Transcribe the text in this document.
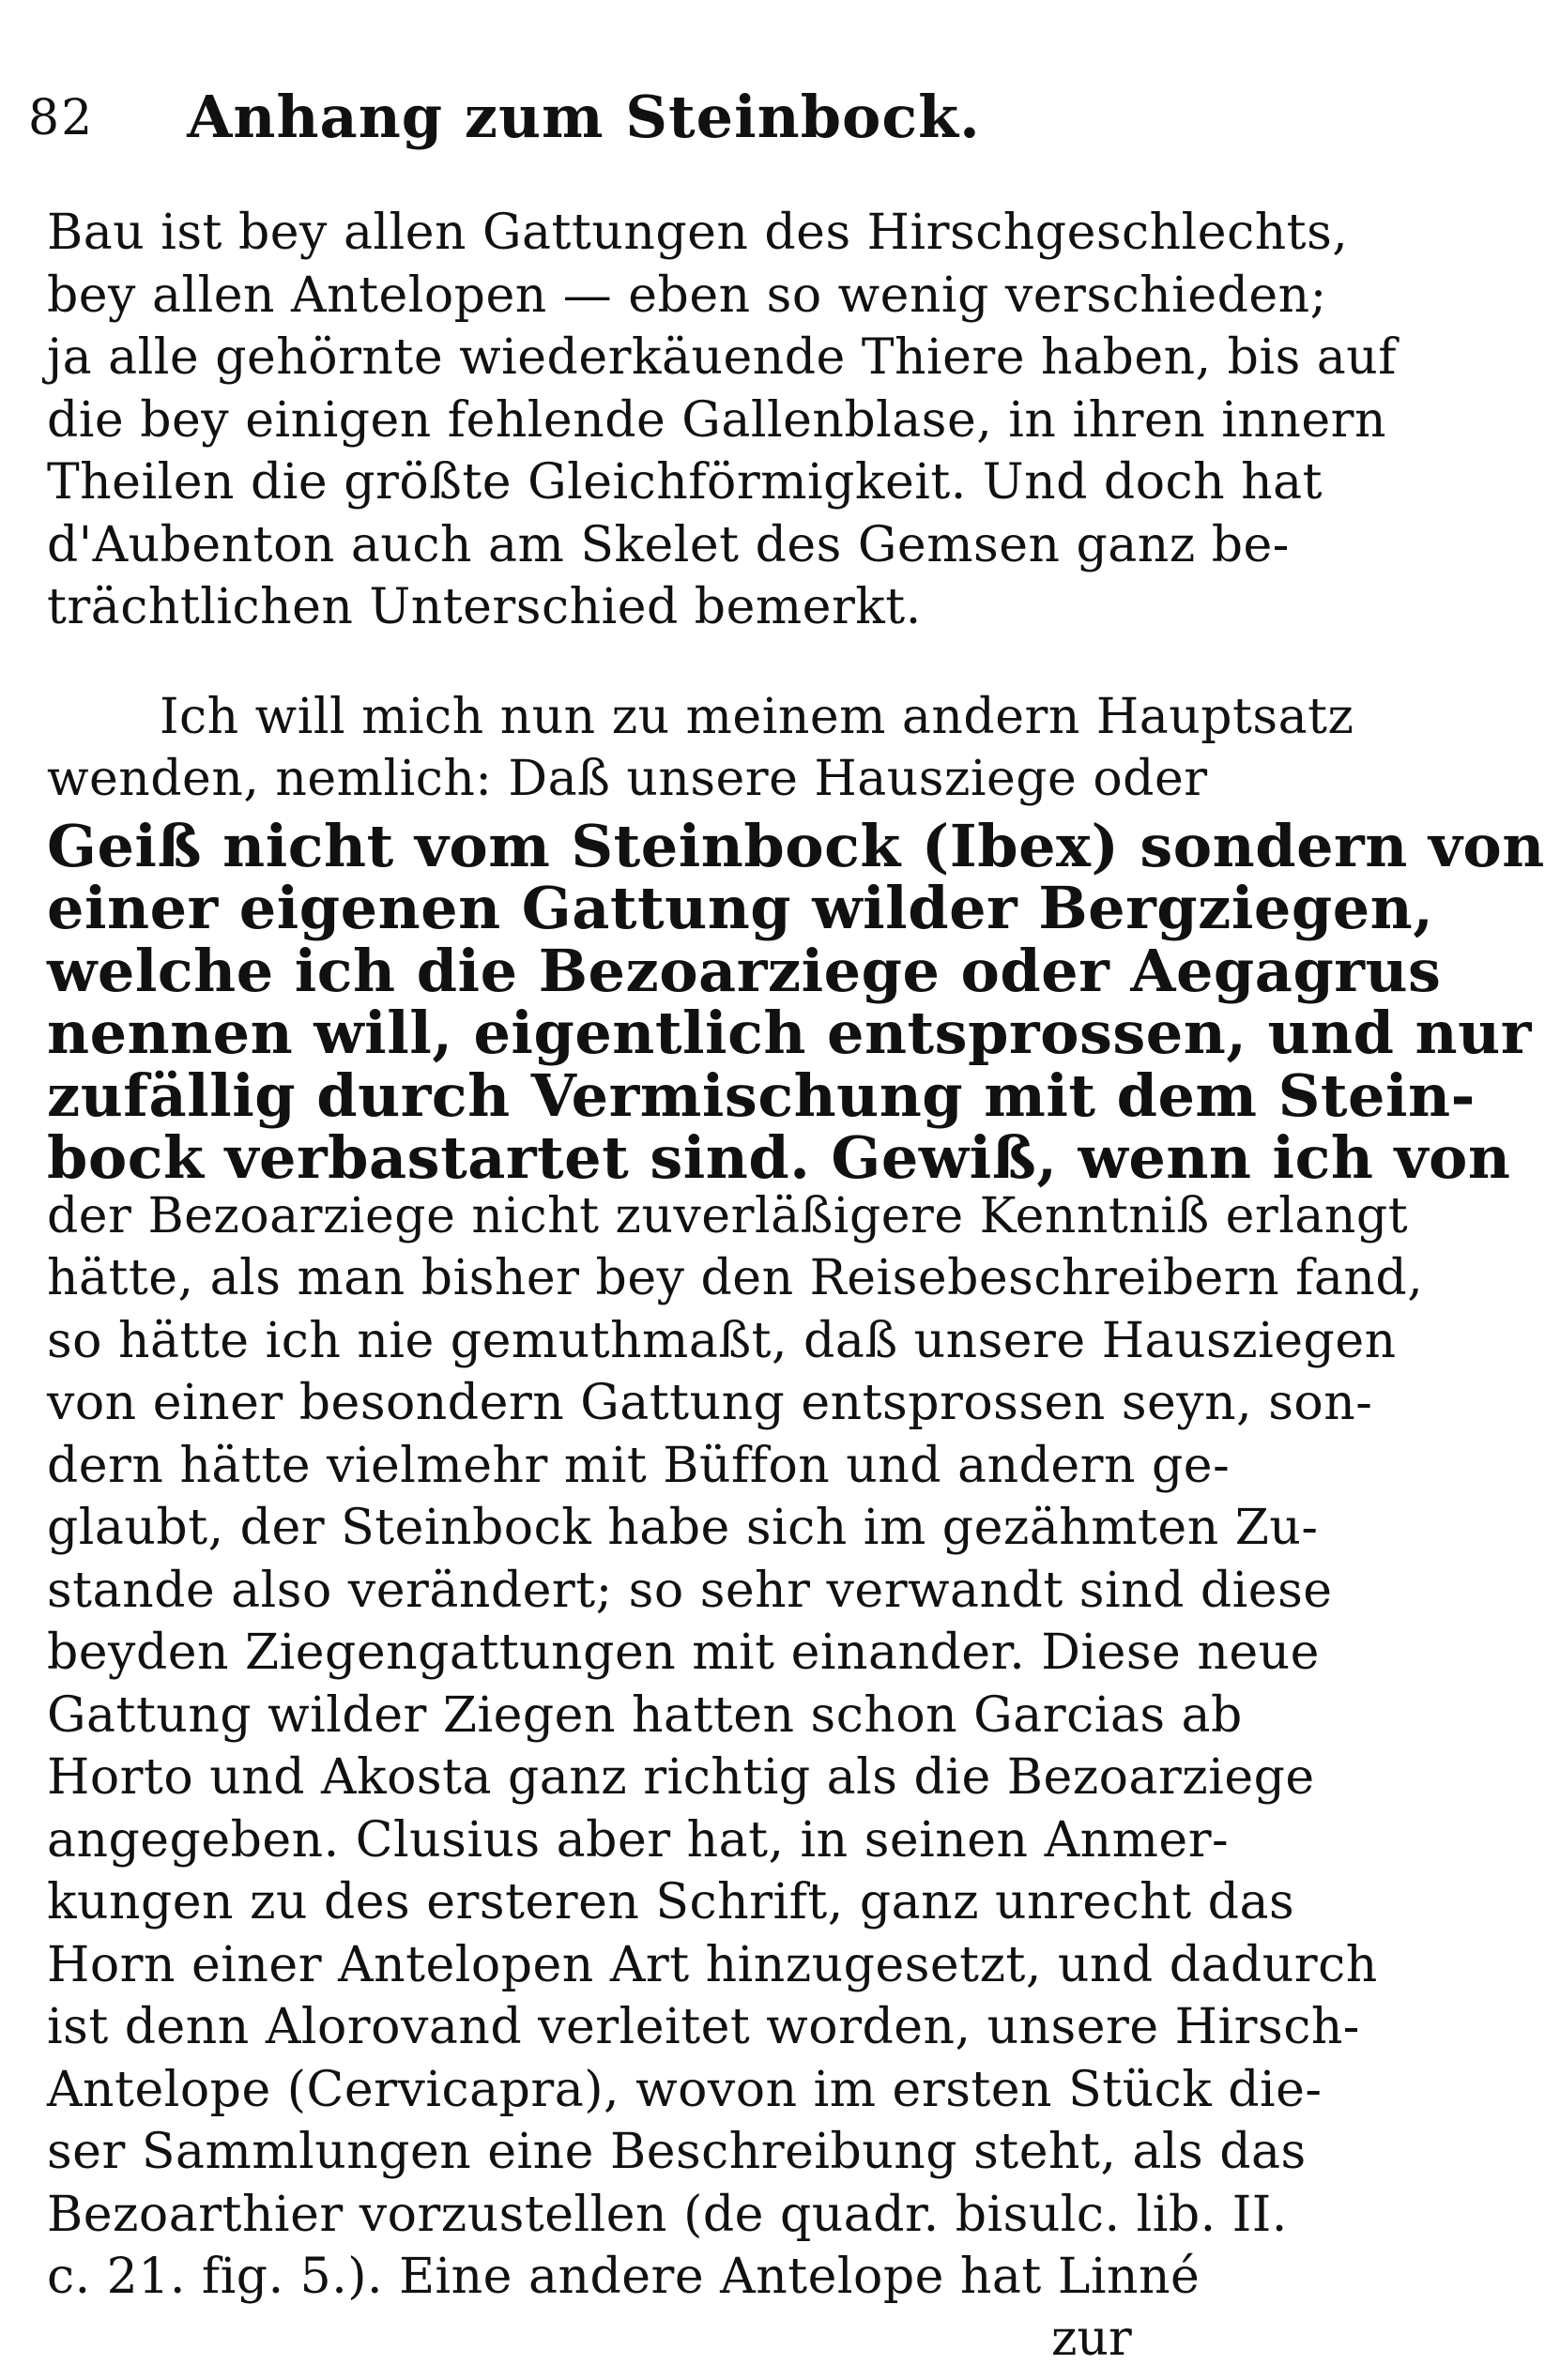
82	Anhang zum Steinbock.
Bau ist bey allen Gattungen des Hirschgeschlechts,
bey allen Antelopen — eben so wenig verschieden;
ja alle gehörnte wiederkäuende Thiere haben, bis auf
die bey einigen fehlende Gallenblase, in ihren innern
Theilen die größte Gleichförmigkeit. Und doch hat
d'Aubenton auch am Skelet des Gemsen ganz be-
trächtlichen Unterschied bemerkt.
Ich will mich nun zu meinem andern Hauptsatz
wenden, nemlich: Daß unsere Hausziege oder
Geiß nicht vom Steinbock (Ibex) sondern von
einer eigenen Gattung wilder Bergziegen,
welche ich die Bezoarziege oder Aegagrus
nennen will, eigentlich entsprossen, und nur
zufällig durch Vermischung mit dem Stein-
bock verbastartet sind. Gewiß, wenn ich von
der Bezoarziege nicht zuverläßigere Kenntniß erlangt
hätte, als man bisher bey den Reisebeschreibern fand,
so hätte ich nie gemuthmaßt, daß unsere Hausziegen
von einer besondern Gattung entsprossen seyn, son-
dern hätte vielmehr mit Büffon und andern ge-
glaubt, der Steinbock habe sich im gezähmten Zu-
stande also verändert; so sehr verwandt sind diese
beyden Ziegengattungen mit einander. Diese neue
Gattung wilder Ziegen hatten schon Garcias ab
Horto und Akosta ganz richtig als die Bezoarziege
angegeben. Clusius aber hat, in seinen Anmer-
kungen zu des ersteren Schrift, ganz unrecht das
Horn einer Antelopen Art hinzugesetzt, und dadurch
ist denn Alorovand verleitet worden, unsere Hirsch-
Antelope (Cervicapra), wovon im ersten Stück die-
ser Sammlungen eine Beschreibung steht, als das
zur
Bezoarthier vorzustellen (de quadr. bisulc. lib. II.
c. 21. fig. 5.). Eine andere Antelope hat Linné
